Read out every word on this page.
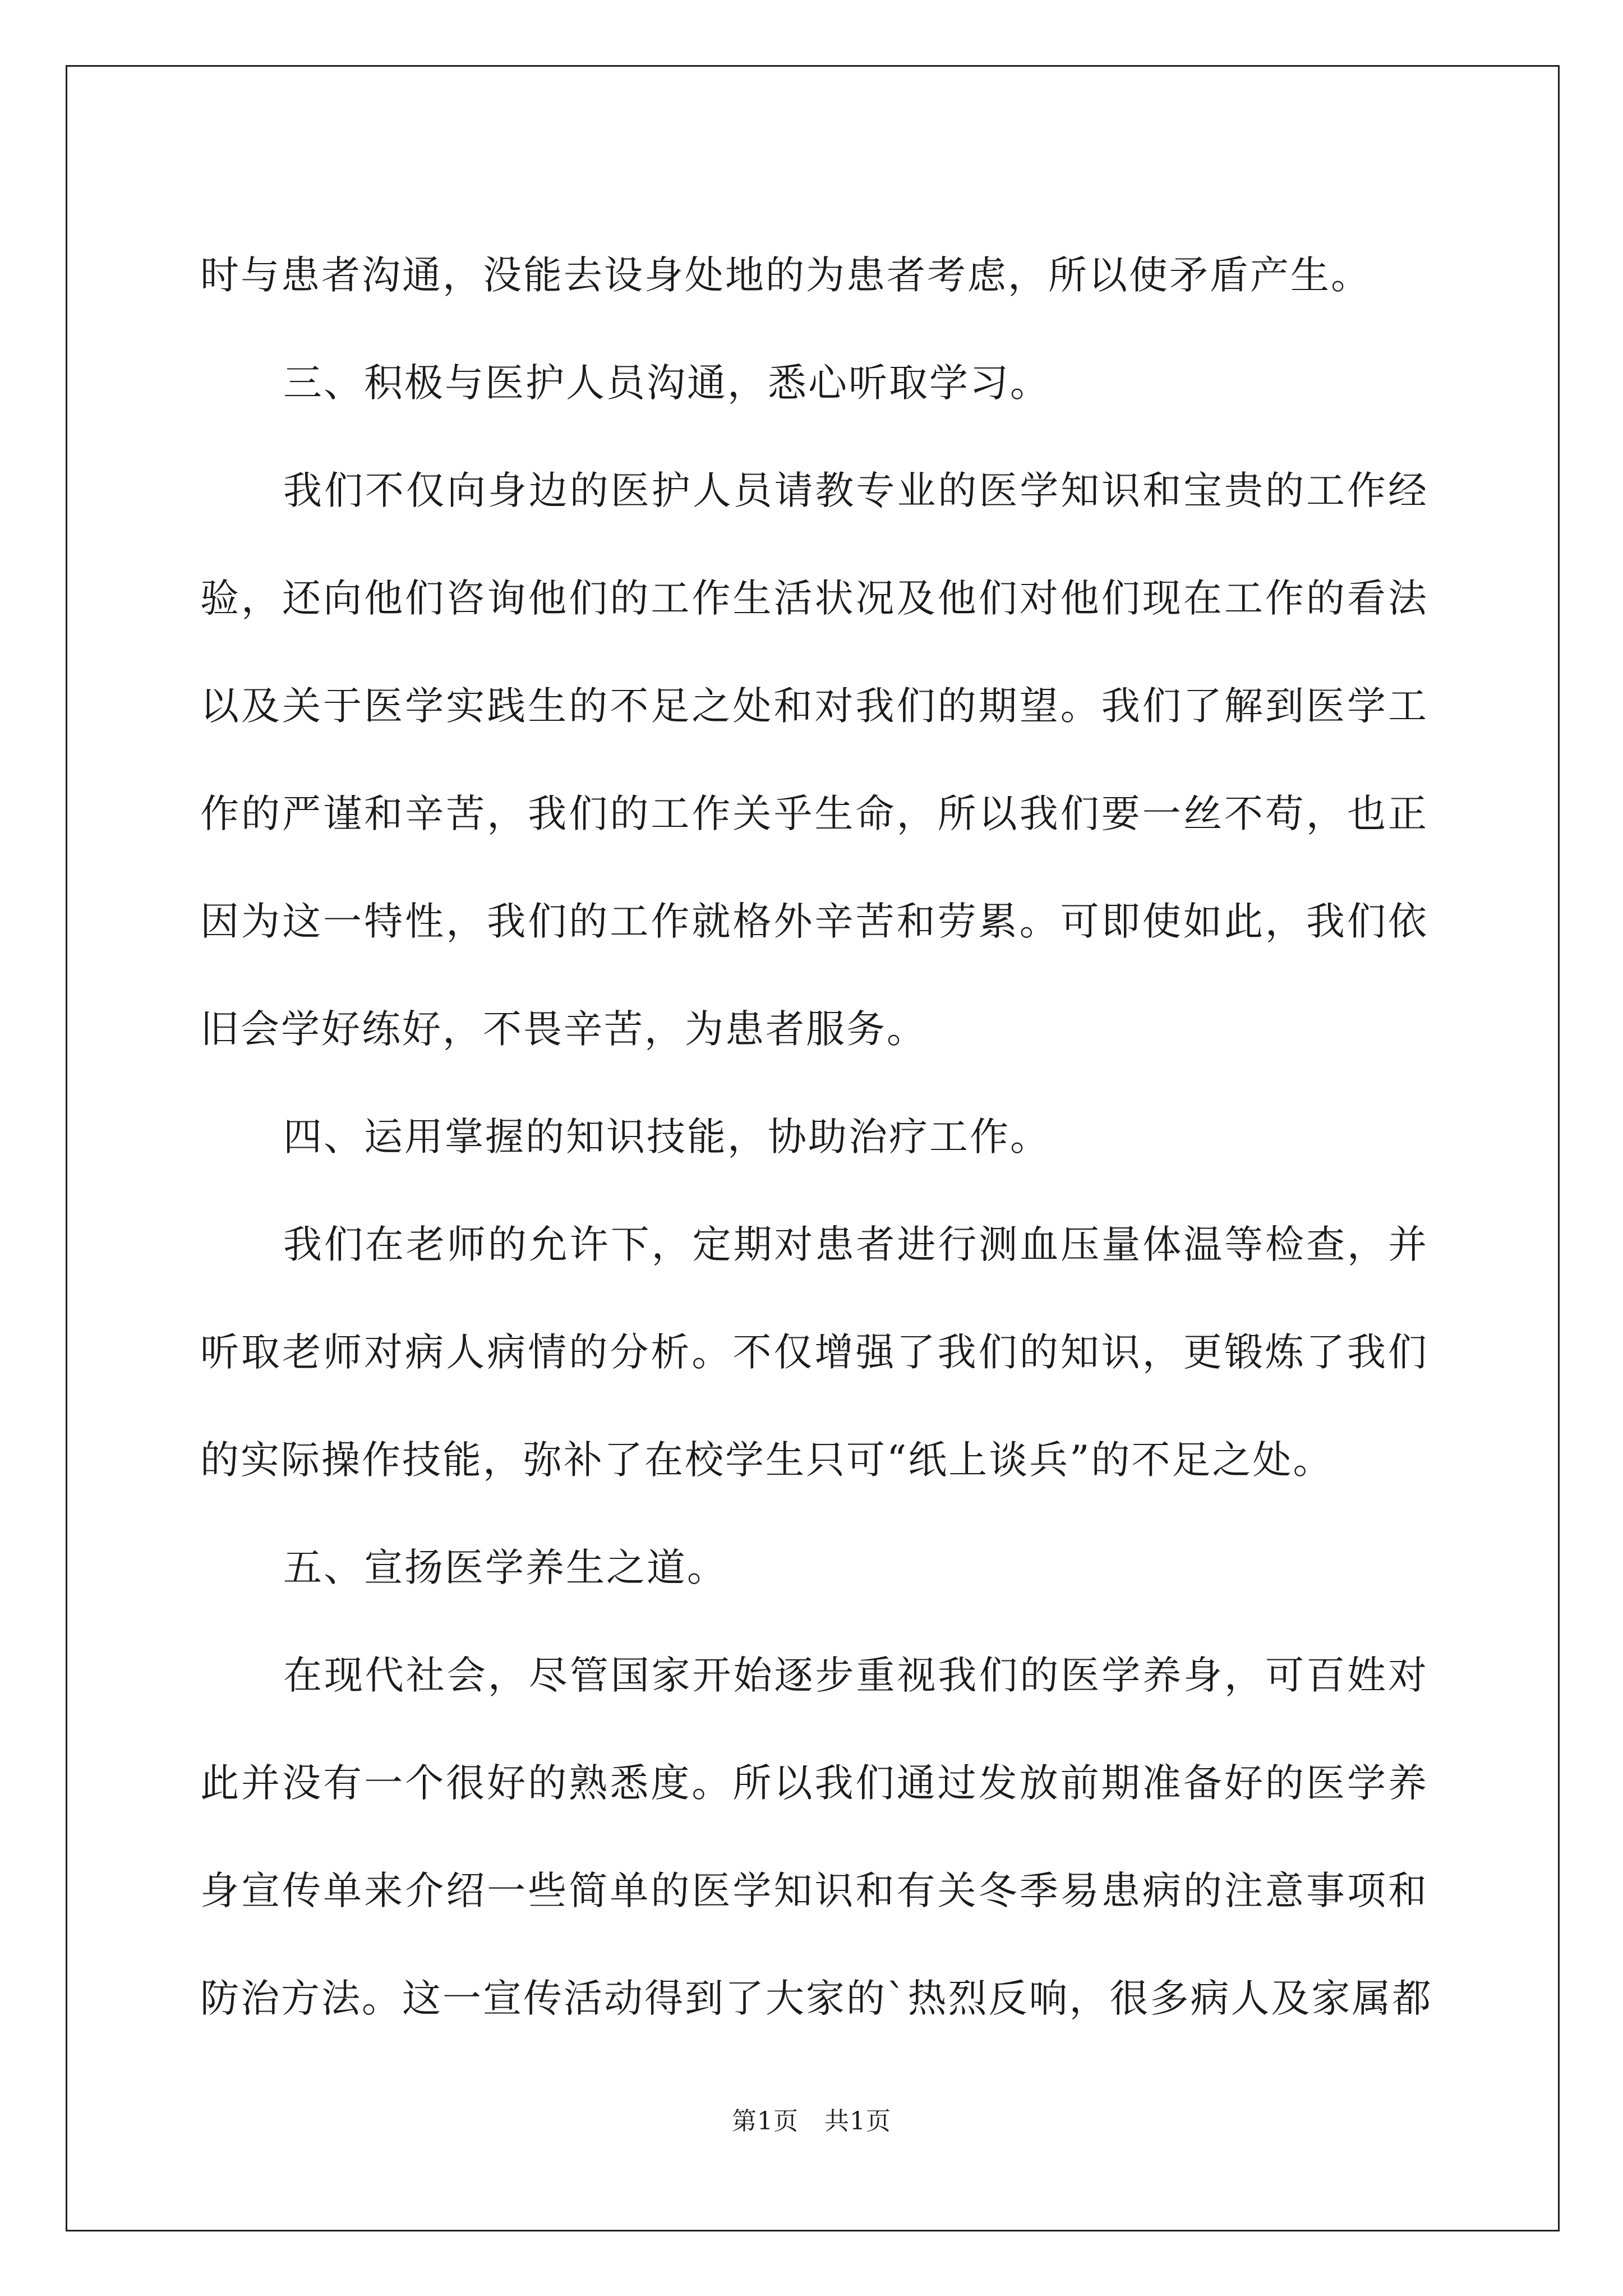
时与患者沟通，没能去设身处地的为患者考虑，所以使矛盾产生。
三、积极与医护人员沟通，悉心听取学习。
我们不仅向身边的医护人员请教专业的医学知识和宝贵的工作经
验，还向他们咨询他们的工作生活状况及他们对他们现在工作的看法
以及关于医学实践生的不足之处和对我们的期望。我们了解到医学工
作的严谨和辛苦，我们的工作关乎生命，所以我们要一丝不苟，也正
因为这一特性，我们的工作就格外辛苦和劳累。可即使如此，我们依
旧会学好练好，不畏辛苦，为患者服务。
四、运用掌握的知识技能，协助治疗工作。
我们在老师的允许下，定期对患者进行测血压量体温等检查，并
听取老师对病人病情的分析。不仅增强了我们的知识，更锻炼了我们
的实际操作技能，弥补了在校学生只可“纸上谈兵”的不足之处。
五、宣扬医学养生之道。
在现代社会，尽管国家开始逐步重视我们的医学养身，可百姓对
此并没有一个很好的熟悉度。所以我们通过发放前期准备好的医学养
身宣传单来介绍一些简单的医学知识和有关冬季易患病的注意事项和
防治方法。这一宣传活动得到了大家的`热烈反响，很多病人及家属都
第1页 共1页
